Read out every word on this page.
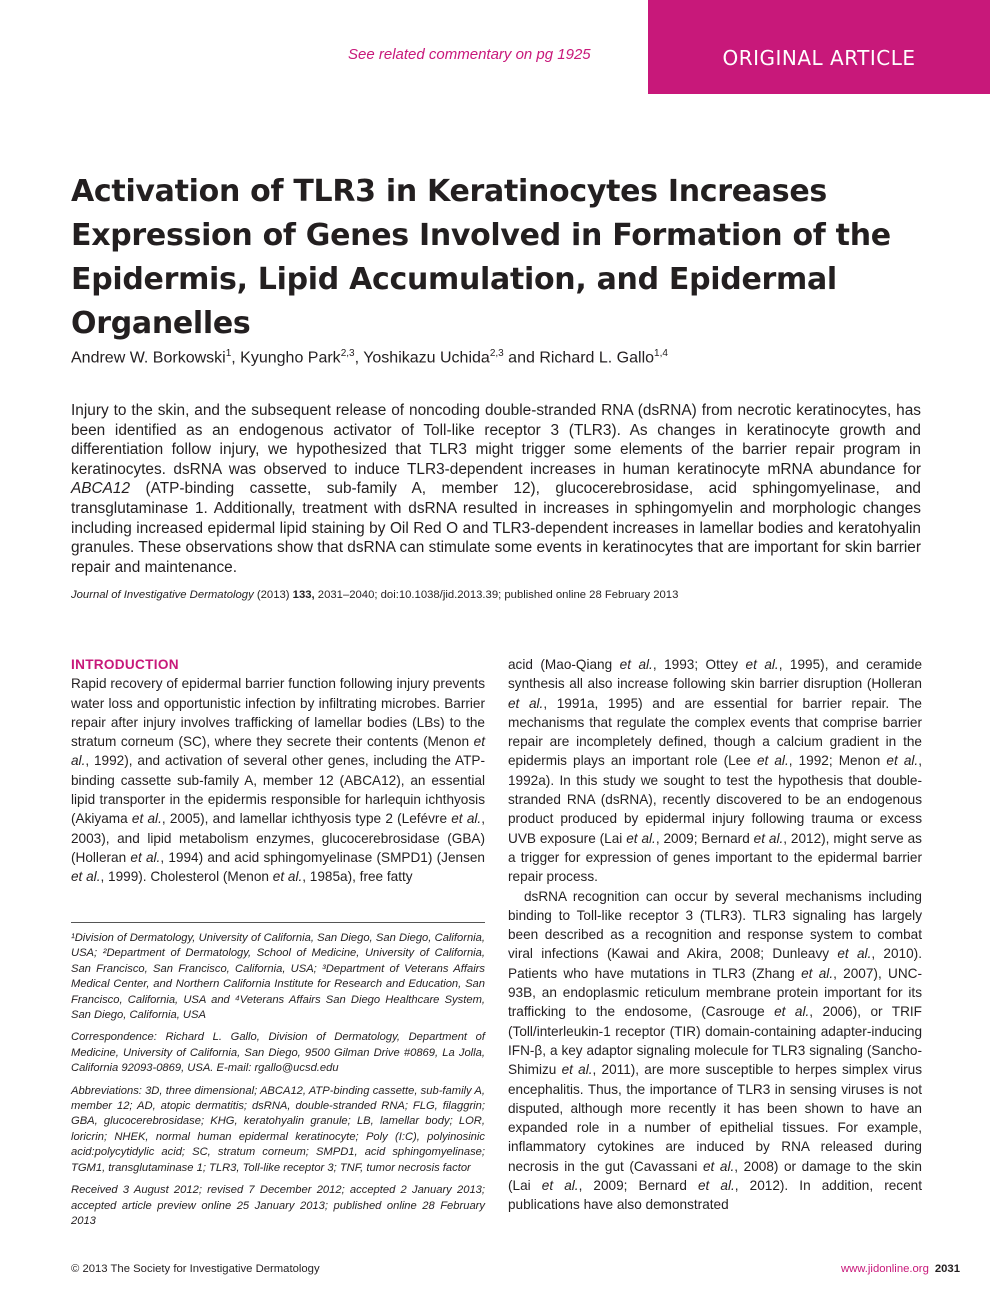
See related commentary on pg 1925	ORIGINAL ARTICLE
Activation of TLR3 in Keratinocytes Increases Expression of Genes Involved in Formation of the Epidermis, Lipid Accumulation, and Epidermal Organelles
Andrew W. Borkowski$^1$, Kyungho Park$^{2,3}$, Yoshikazu Uchida$^{2,3}$ and Richard L. Gallo$^{1,4}$

Injury to the skin, and the subsequent release of noncoding double-stranded RNA (dsRNA) from necrotic keratinocytes, has been identified as an endogenous activator of Toll-like receptor 3 (TLR3). As changes in keratinocyte growth and differentiation follow injury, we hypothesized that TLR3 might trigger some elements of the barrier repair program in keratinocytes. dsRNA was observed to induce TLR3-dependent increases in human keratinocyte mRNA abundance for ABCA12 (ATP-binding cassette, sub-family A, member 12), glucocerebrosidase, acid sphingomyelinase, and transglutaminase 1. Additionally, treatment with dsRNA resulted in increases in sphingomyelin and morphologic changes including increased epidermal lipid staining by Oil Red O and TLR3-dependent increases in lamellar bodies and keratohyalin granules. These observations show that dsRNA can stimulate some events in keratinocytes that are important for skin barrier repair and maintenance.

Journal of Investigative Dermatology (2013) 133, 2031–2040; doi:10.1038/jid.2013.39; published online 28 February 2013
INTRODUCTION

Rapid recovery of epidermal barrier function following injury prevents water loss and opportunistic infection by infiltrating microbes. Barrier repair after injury involves trafficking of lamellar bodies (LBs) to the stratum corneum (SC), where they secrete their contents (Menon et al., 1992), and activation of several other genes, including the ATP-binding cassette sub-family A, member 12 (ABCA12), an essential lipid transporter in the epidermis responsible for harlequin ichthyosis (Akiyama et al., 2005), and lamellar ichthyosis type 2 (Lefévre et al., 2003), and lipid metabolism enzymes, glucocerebrosidase (GBA) (Holleran et al., 1994) and acid sphingomyelinase (SMPD1) (Jensen et al., 1999). Cholesterol (Menon et al., 1985a), free fatty

¹Division of Dermatology, University of California, San Diego, San Diego, California, USA; ²Department of Dermatology, School of Medicine, University of California, San Francisco, San Francisco, California, USA; ³Department of Veterans Affairs Medical Center, and Northern California Institute for Research and Education, San Francisco, California, USA and ⁴Veterans Affairs San Diego Healthcare System, San Diego, California, USA

Correspondence: Richard L. Gallo, Division of Dermatology, Department of Medicine, University of California, San Diego, 9500 Gilman Drive #0869, La Jolla, California 92093-0869, USA. E-mail: rgallo@ucsd.edu

Abbreviations: 3D, three dimensional; ABCA12, ATP-binding cassette, sub-family A, member 12; AD, atopic dermatitis; dsRNA, double-stranded RNA; FLG, filaggrin; GBA, glucocerebrosidase; KHG, keratohyalin granule; LB, lamellar body; LOR, loricrin; NHEK, normal human epidermal keratinocyte; Poly (I:C), polyinosinic acid:polycytidylic acid; SC, stratum corneum; SMPD1, acid sphingomyelinase; TGM1, transglutaminase 1; TLR3, Toll-like receptor 3; TNF, tumor necrosis factor

Received 3 August 2012; revised 7 December 2012; accepted 2 January 2013; accepted article preview online 25 January 2013; published online 28 February 2013

acid (Mao-Qiang et al., 1993; Ottey et al., 1995), and ceramide synthesis all also increase following skin barrier disruption (Holleran et al., 1991a, 1995) and are essential for barrier repair. The mechanisms that regulate the complex events that comprise barrier repair are incompletely defined, though a calcium gradient in the epidermis plays an important role (Lee et al., 1992; Menon et al., 1992a). In this study we sought to test the hypothesis that double-stranded RNA (dsRNA), recently discovered to be an endogenous product produced by epidermal injury following trauma or excess UVB exposure (Lai et al., 2009; Bernard et al., 2012), might serve as a trigger for expression of genes important to the epidermal barrier repair process.

dsRNA recognition can occur by several mechanisms including binding to Toll-like receptor 3 (TLR3). TLR3 signaling has largely been described as a recognition and response system to combat viral infections (Kawai and Akira, 2008; Dunleavy et al., 2010). Patients who have mutations in TLR3 (Zhang et al., 2007), UNC-93B, an endoplasmic reticulum membrane protein important for its trafficking to the endosome, (Casrouge et al., 2006), or TRIF (Toll/interleukin-1 receptor (TIR) domain-containing adapter-inducing IFN-β, a key adaptor signaling molecule for TLR3 signaling (Sancho-Shimizu et al., 2011), are more susceptible to herpes simplex virus encephalitis. Thus, the importance of TLR3 in sensing viruses is not disputed, although more recently it has been shown to have an expanded role in a number of epithelial tissues. For example, inflammatory cytokines are induced by RNA released during necrosis in the gut (Cavassani et al., 2008) or damage to the skin (Lai et al., 2009; Bernard et al., 2012). In addition, recent publications have also demonstrated

© 2013 The Society for Investigative Dermatology	www.jidonline.org 2031
